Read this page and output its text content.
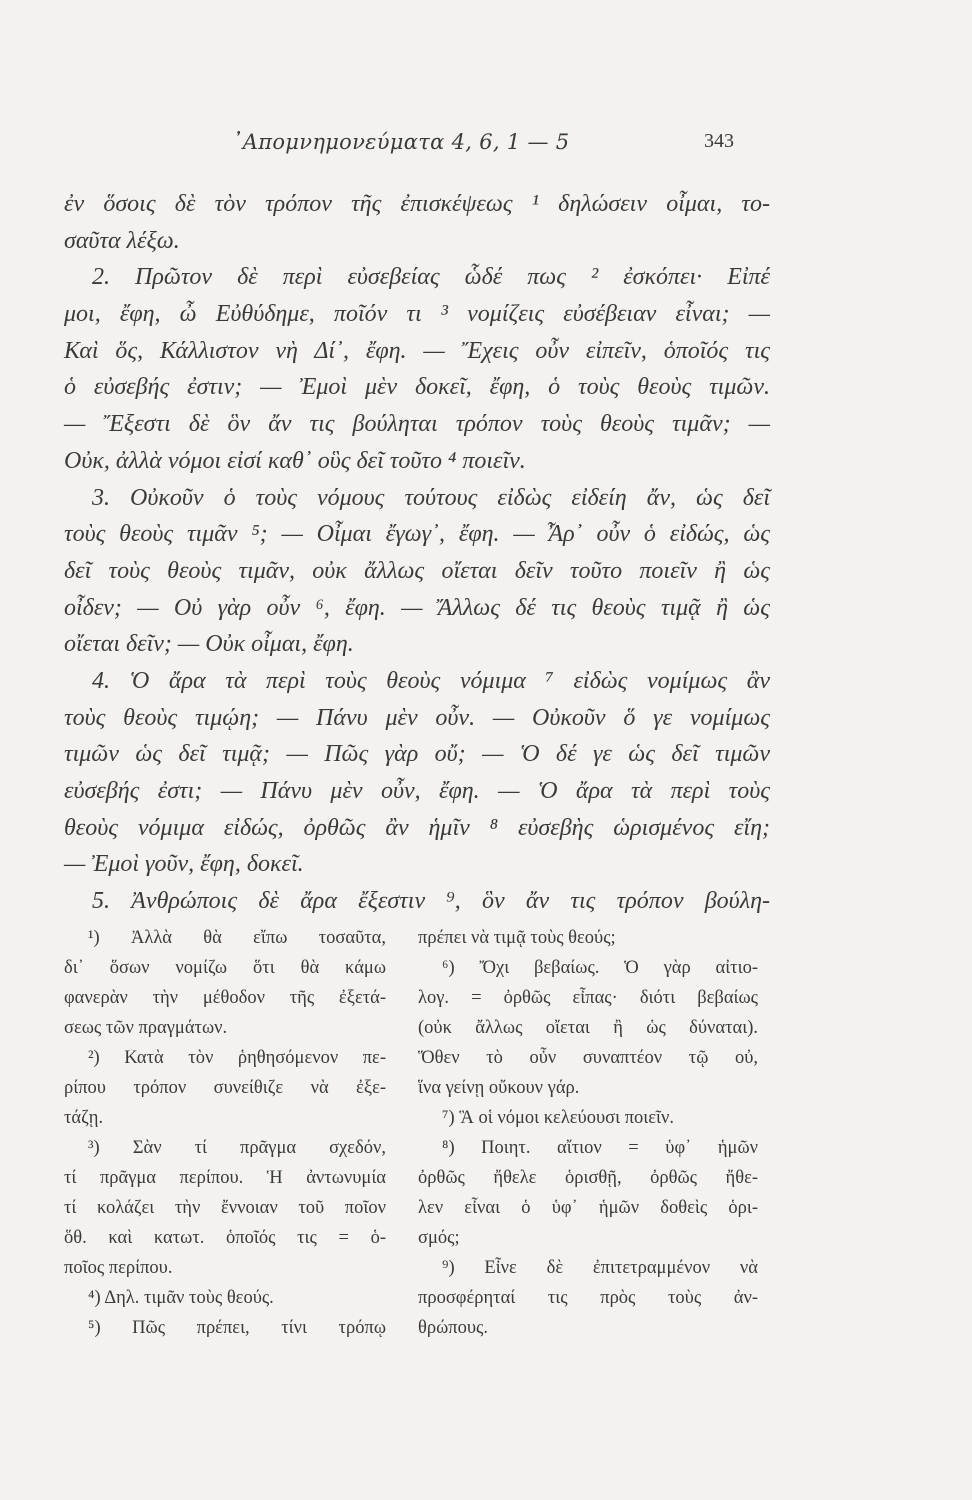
᾿Απομνημονεύματα 4, 6, 1 — 5	343
ἐν ὅσοις δὲ τὸν τρόπον τῆς ἐπισκέψεως ¹ δηλώσειν οἶμαι, το-
σαῦτα λέξω.
2. Πρῶτον δὲ περὶ εὐσεβείας ὧδέ πως ² ἐσκόπει· Εἰπέ
μοι, ἔφη, ὦ Εὐθύδημε, ποῖόν τι ³ νομίζεις εὐσέβειαν εἶναι; —
Καὶ ὅς, Κάλλιστον νὴ Δί᾿, ἔφη. — Ἔχεις οὖν εἰπεῖν, ὁποῖός τις
ὁ εὐσεβής ἐστιν; — Ἐμοὶ μὲν δοκεῖ, ἔφη, ὁ τοὺς θεοὺς τιμῶν.
— Ἔξεστι δὲ ὃν ἄν τις βούληται τρόπον τοὺς θεοὺς τιμᾶν; —
Οὐκ, ἀλλὰ νόμοι εἰσί καθ᾿ οὓς δεῖ τοῦτο ⁴ ποιεῖν.
3. Οὐκοῦν ὁ τοὺς νόμους τούτους εἰδὼς εἰδείη ἄν, ὡς δεῖ
τοὺς θεοὺς τιμᾶν ⁵; — Οἶμαι ἔγωγ᾿, ἔφη. — Ἆρ᾿ οὖν ὁ εἰδώς, ὡς
δεῖ τοὺς θεοὺς τιμᾶν, οὐκ ἄλλως οἴεται δεῖν τοῦτο ποιεῖν ἢ ὡς
οἶδεν; — Οὐ γὰρ οὖν ⁶, ἔφη. — Ἄλλως δέ τις θεοὺς τιμᾷ ἢ ὡς
οἴεται δεῖν; — Οὐκ οἶμαι, ἔφη.
4. Ὁ ἄρα τὰ περὶ τοὺς θεοὺς νόμιμα ⁷ εἰδὼς νομίμως ἂν
τοὺς θεοὺς τιμῴη; — Πάνυ μὲν οὖν. — Οὐκοῦν ὅ γε νομίμως
τιμῶν ὡς δεῖ τιμᾷ; — Πῶς γὰρ οὔ; — Ὁ δέ γε ὡς δεῖ τιμῶν
εὐσεβής ἐστι; — Πάνυ μὲν οὖν, ἔφη. — Ὁ ἄρα τὰ περὶ τοὺς
θεοὺς νόμιμα εἰδώς, ὀρθῶς ἂν ἡμῖν ⁸ εὐσεβὴς ὡρισμένος εἴη;
— Ἐμοὶ γοῦν, ἔφη, δοκεῖ.
5. Ἀνθρώποις δὲ ἄρα ἔξεστιν ⁹, ὃν ἄν τις τρόπον βούλη-
¹) Ἀλλὰ θὰ εἴπω τοσαῦτα,
δι᾿ ὅσων νομίζω ὅτι θὰ κάμω
φανερὰν τὴν μέθοδον τῆς ἐξετά-
σεως τῶν πραγμάτων.
²) Κατὰ τὸν ῥηθησόμενον πε-
ρίπου τρόπον συνείθιζε νὰ ἐξε-
τάζῃ.
³) Σὰν τί πρᾶγμα σχεδόν,
τί πρᾶγμα περίπου. Ἡ ἀντωνυμία
τί κολάζει τὴν ἔννοιαν τοῦ ποῖον
ὅθ. καὶ κατωτ. ὁποῖός τις = ὁ-
ποῖος περίπου.
⁴) Δηλ. τιμᾶν τοὺς θεούς.
⁵) Πῶς πρέπει, τίνι τρόπῳ
πρέπει νὰ τιμᾷ τοὺς θεούς;
⁶) Ὄχι βεβαίως. Ὁ γὰρ αἰτιο-
λογ. = ὀρθῶς εἶπας· διότι βεβαίως
(οὐκ ἄλλως οἴεται ἢ ὡς δύναται).
Ὅθεν τὸ οὖν συναπτέον τῷ οὐ,
ἵνα γείνῃ οὔκουν γάρ.
⁷) Ἃ οἱ νόμοι κελεύουσι ποιεῖν.
⁸) Ποιητ. αἴτιον = ὑφ᾿ ἡμῶν
ὀρθῶς ἤθελε ὁρισθῇ, ὀρθῶς ἤθε-
λεν εἶναι ὁ ὑφ᾿ ἡμῶν δοθεὶς ὁρι-
σμός;
⁹) Εἶνε δὲ ἐπιτετραμμένον νὰ
προσφέρηταί τις πρὸς τοὺς ἀν-
θρώπους.
